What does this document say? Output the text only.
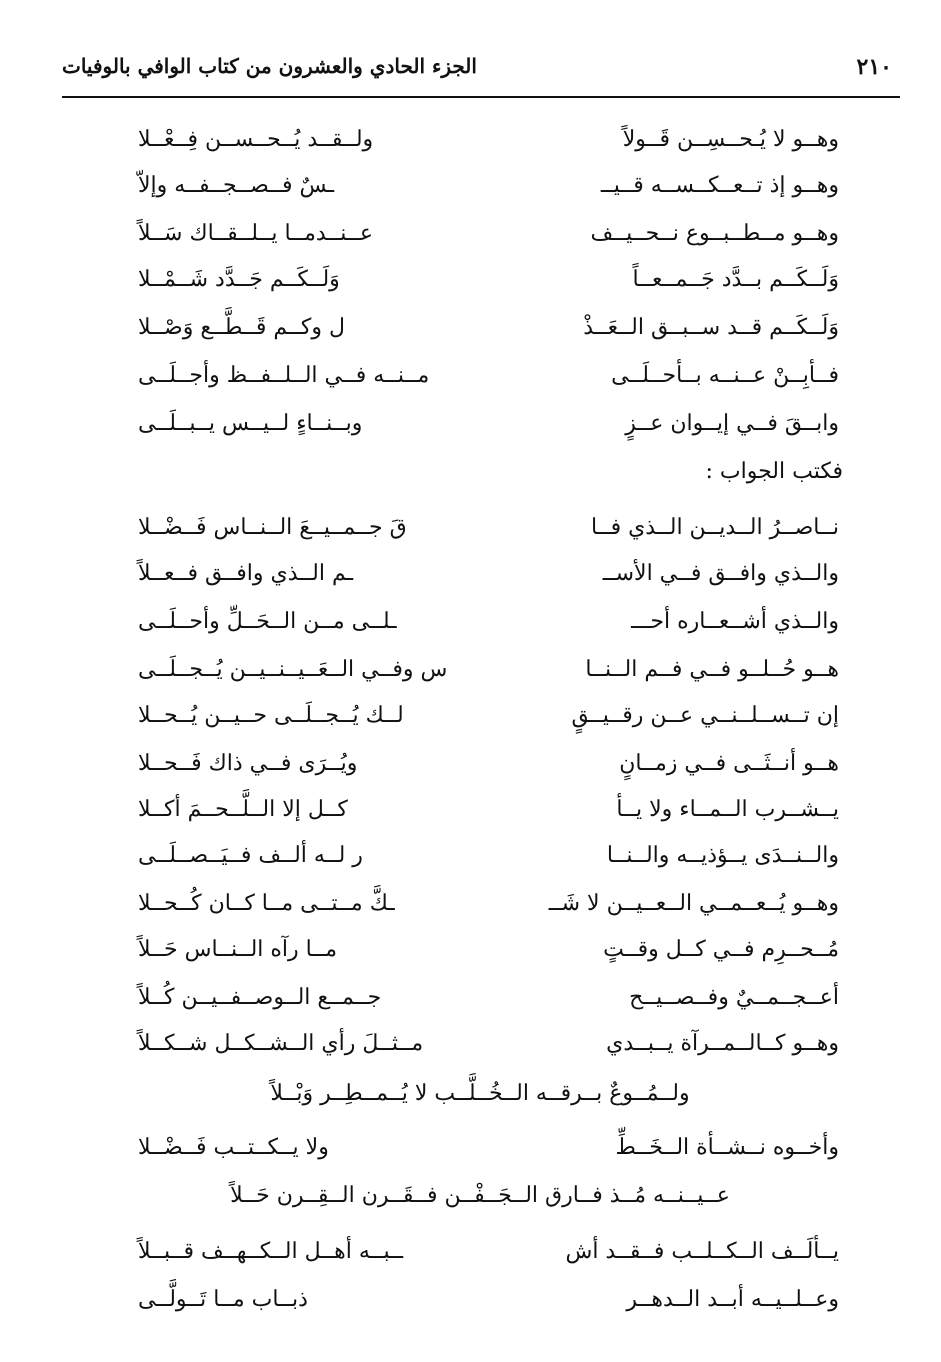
الجزء الحادي والعشرون من كتاب الوافي بالوفيات	٢١٠
وهــو لا يُـحــسِــن قَــولاً
ولــقــد يُــحــســن فِــعْــلا
وهــو إذ تــعــكــســه قــيــ
ـسٌ فــصــجــفــه وإلاّ
وهــو مــطــبــوع نــحــيــف
عــنــدمــا يــلــقــاك سَــلاً
وَلَــكَــم بــدَّد جَــمــعــاً
وَلَــكَــم جَــدَّد شَــمْــلا
وَلَــكَــم قــد ســبــق الــعَــذْ
ل وكــم قَــطَّــع وَصْــلا
فــأبِــنْ عــنــه بــأحــلَــى
مــنــه فــي الــلــفــظ وأجــلَــى
وابــقَ فــي إيــوان عــزٍ
وبــنــاءٍ لــيــس يــبــلَــى
فكتب الجواب :
نــاصــرُ الــديــن الــذي فــا
قَ جــمــيــعَ الــنــاس فَــضْــلا
والــذي وافــق فــي الأســ
ـم الــذي وافــق فــعــلاً
والــذي أشــعــاره أحـــ
ـلــى مــن الــحَــلِّ وأحــلَــى
هــو حُــلــو فــي فــم الــنــا
س وفــي الــعَــيــنــيــن يُــجــلَــى
إن تــســلــنــي عــن رقــيــقٍ
لــك يُــجــلَــى حــيــن يُــحــلا
هــو أنــثَــى فــي زمــانٍ
ويُــرَى فــي ذاك فَــحــلا
يــشــرب الــمــاء ولا يــأ
كــل إلا الــلَّــحــمَ أكــلا
والــنــدَى يــؤذيــه والــنــا
ر لــه ألــف فــيَــصــلَــى
وهــو يُــعــمــي الــعــيــن لا شَــ
ـكَّ مــتــى مــا كــان كُــحــلا
مُــحــرِم فــي كــل وقــتٍ
مــا رآه الــنــاس حَــلاً
أعــجــمــيٌ وفــصــيــح
جــمــع الــوصــفــيــن كُــلاً
وهــو كــالــمــرآة يــبــدي
مــثــلَ رأي الــشــكــل شــكــلاً
ولــمُــوعٌ بــرقــه الــخُــلَّــب لا يُــمــطِــر وَبْــلاً
وأخــوه نــشــأة الــخَــطِّ
ولا يــكــتــب فَــضْــلا
عــيــنــه مُــذ فــارق الــجَــفْــن فــقَــرن الــقِــرن حَــلاً
يــألَــف الــكــلــب فــقــد أش
ــبــه أهــل الــكــهــف قــبــلاً
وعــلــيــه أبــد الــدهــر
ذبــاب مــا تَــولَّــى
